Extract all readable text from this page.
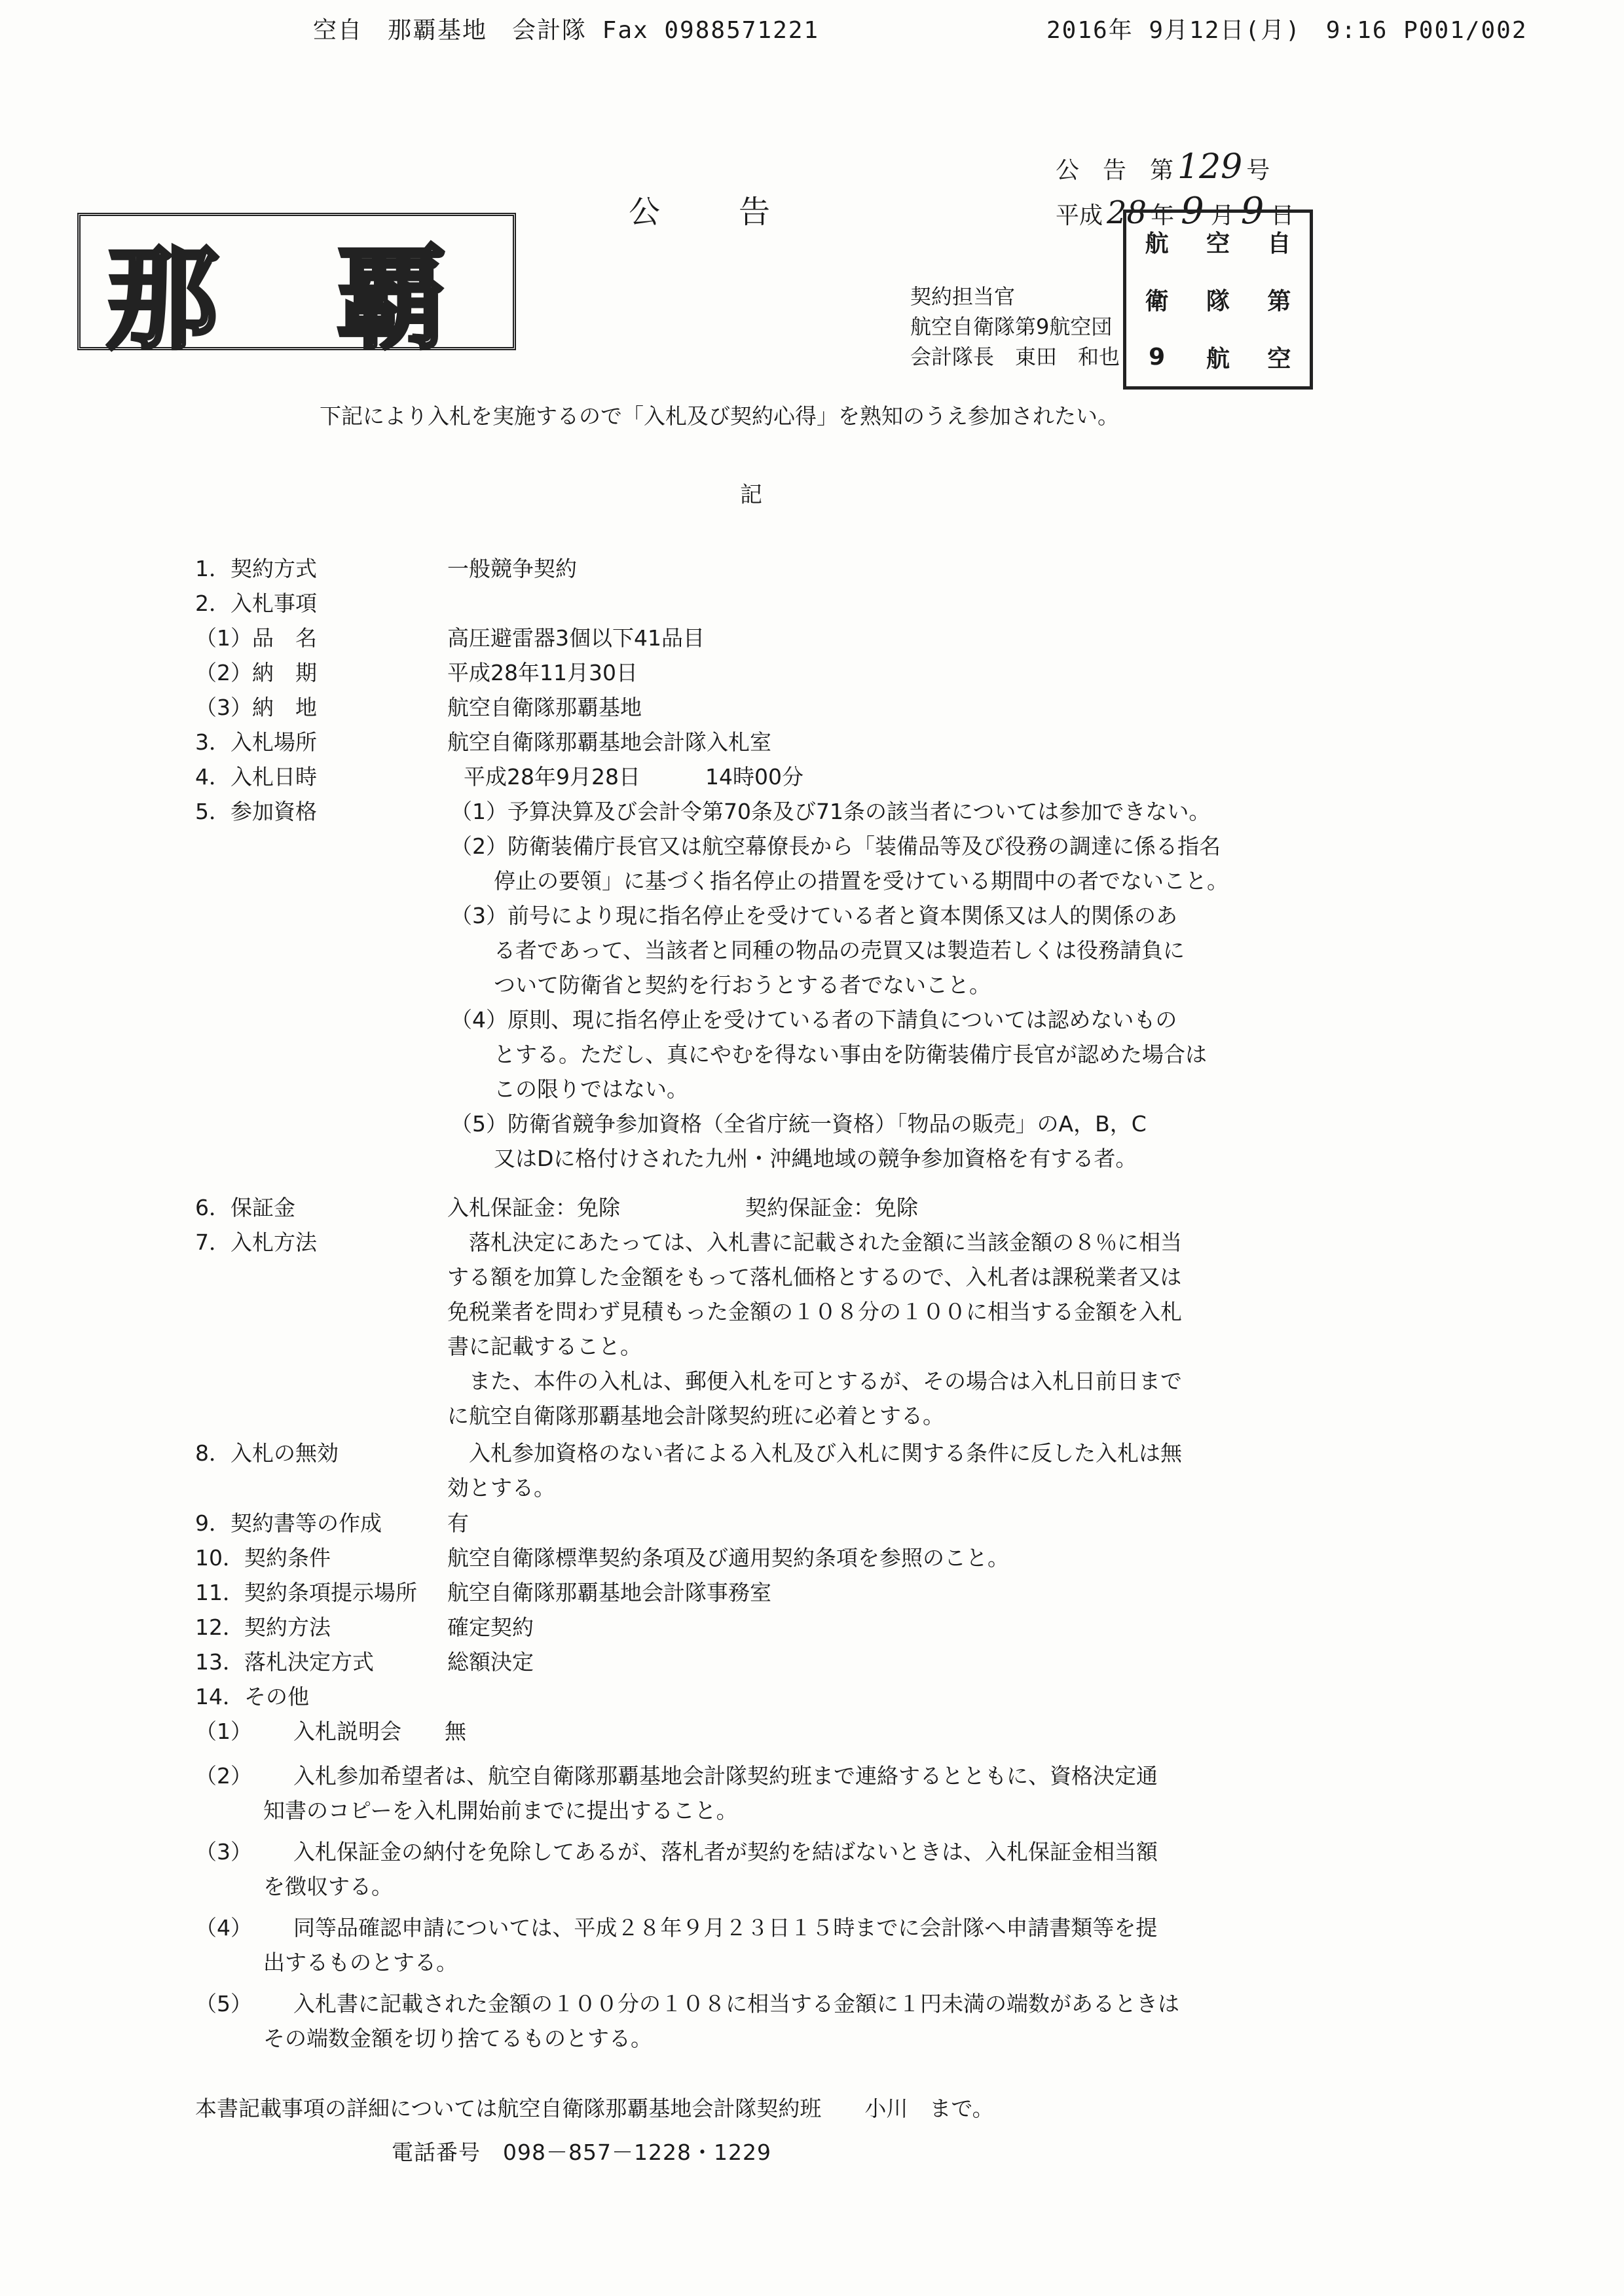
空自　那覇基地　会計隊 Fax 0988571221	2016年 9月12日(月)　9:16 P001/002
公　告　第 129 号
平成 28 年 9 月 9 日
公　　告
那 覇	契約担当官
航空自衛隊第9航空団
会計隊長　東田　和也
航	空	自
衛	隊	第
9	航	空
下記により入札を実施するので「入札及び契約心得」を熟知のうえ参加されたい。
記
1．契約方式	一般競争契約
2．入札事項
（1）品　名	高圧避雷器3個以下41品目
（2）納　期	平成28年11月30日
（3）納　地	航空自衛隊那覇基地
3．入札場所	航空自衛隊那覇基地会計隊入札室
4．入札日時	平成28年9月28日　　　14時00分
5．参加資格	（1）予算決算及び会計令第70条及び71条の該当者については参加できない。
（2）防衛装備庁長官又は航空幕僚長から「装備品等及び役務の調達に係る指名
　　停止の要領」に基づく指名停止の措置を受けている期間中の者でないこと。
（3）前号により現に指名停止を受けている者と資本関係又は人的関係のあ
　　る者であって、当該者と同種の物品の売買又は製造若しくは役務請負に
　　ついて防衛省と契約を行おうとする者でないこと。
（4）原則、現に指名停止を受けている者の下請負については認めないもの
　　とする。ただし、真にやむを得ない事由を防衛装備庁長官が認めた場合は
　　この限りではない。
（5）防衛省競争参加資格（全省庁統一資格）「物品の販売」のA，B，C
　　又はDに格付けされた九州・沖縄地域の競争参加資格を有する者。
6．保証金	入札保証金：免除	契約保証金：免除
7．入札方法	　落札決定にあたっては、入札書に記載された金額に当該金額の８％に相当
する額を加算した金額をもって落札価格とするので、入札者は課税業者又は
免税業者を問わず見積もった金額の１０８分の１００に相当する金額を入札
書に記載すること。
　また、本件の入札は、郵便入札を可とするが、その場合は入札日前日まで
に航空自衛隊那覇基地会計隊契約班に必着とする。
8．入札の無効	　入札参加資格のない者による入札及び入札に関する条件に反した入札は無
効とする。
9．契約書等の作成	有
10．契約条件	航空自衛隊標準契約条項及び適用契約条項を参照のこと。
11．契約条項提示場所 航空自衛隊那覇基地会計隊事務室
12．契約方法	確定契約
13．落札決定方式	総額決定
14．その他
（1） 入札説明会　　無
（2） 入札参加希望者は、航空自衛隊那覇基地会計隊契約班まで連絡するとともに、資格決定通
知書のコピーを入札開始前までに提出すること。
（3） 入札保証金の納付を免除してあるが、落札者が契約を結ばないときは、入札保証金相当額
を徴収する。
（4） 同等品確認申請については、平成２８年９月２３日１５時までに会計隊へ申請書類等を提
出するものとする。
（5） 入札書に記載された金額の１００分の１０８に相当する金額に１円未満の端数があるときは
その端数金額を切り捨てるものとする。
本書記載事項の詳細については航空自衛隊那覇基地会計隊契約班　　小川　まで。
電話番号　098－857－1228・1229
